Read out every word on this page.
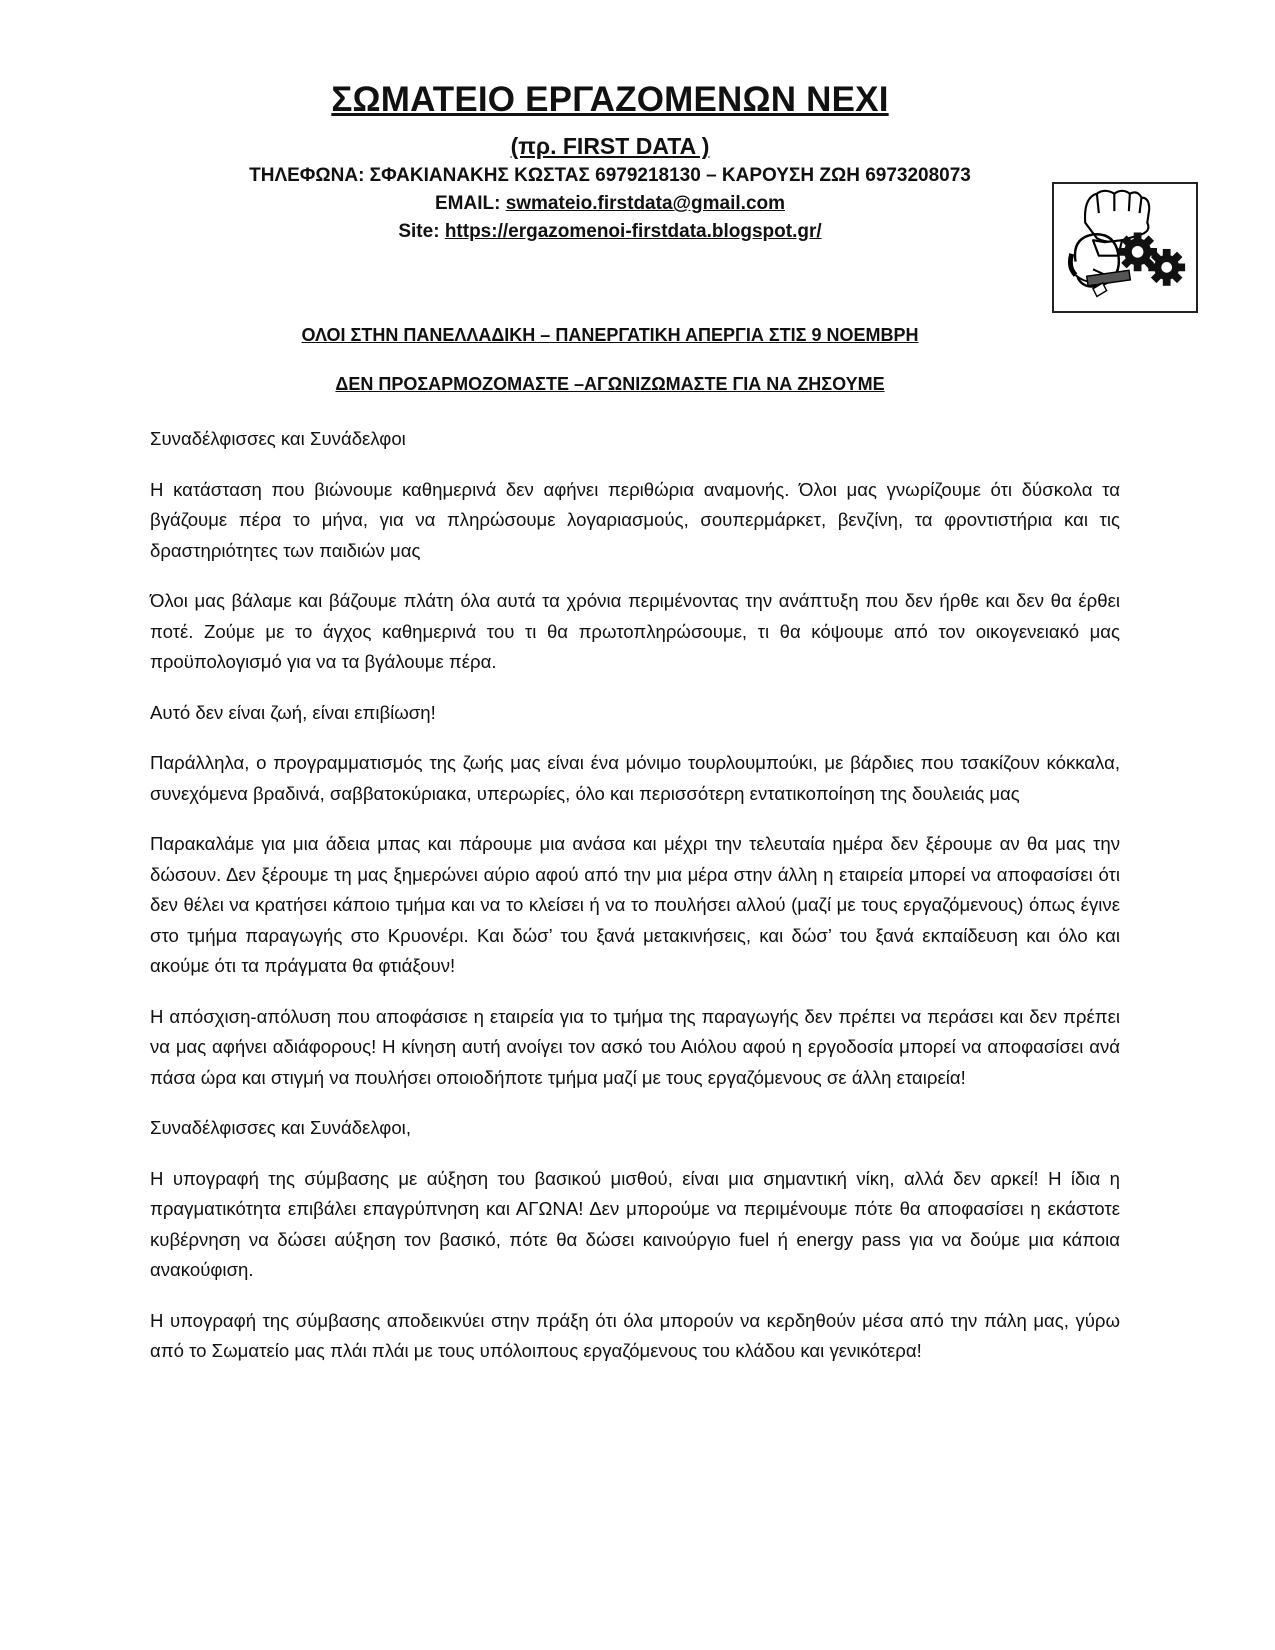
ΣΩΜΑΤΕΙΟ ΕΡΓΑΖΟΜΕΝΩΝ NEXI
(πρ. FIRST DATA )
ΤΗΛΕΦΩΝΑ: ΣΦΑΚΙΑΝΑΚΗΣ ΚΩΣΤΑΣ 6979218130 – ΚΑΡΟΥΣΗ ΖΩΗ 6973208073
EMAIL: swmateio.firstdata@gmail.com
Site: https://ergazomenoi-firstdata.blogspot.gr/
ΟΛΟΙ ΣΤΗΝ ΠΑΝΕΛΛΑΔΙΚΗ – ΠΑΝΕΡΓΑΤΙΚΗ ΑΠΕΡΓΙΑ ΣΤΙΣ 9 ΝΟΕΜΒΡΗ
ΔΕΝ ΠΡΟΣΑΡΜΟΖΟΜΑΣΤΕ –ΑΓΩΝΙΖΩΜΑΣΤΕ ΓΙΑ ΝΑ ΖΗΣΟΥΜΕ

Συναδέλφισσες και Συνάδελφοι

Η κατάσταση που βιώνουμε καθημερινά δεν αφήνει περιθώρια αναμονής. Όλοι μας γνωρίζουμε ότι δύσκολα τα βγάζουμε πέρα το μήνα, για να πληρώσουμε λογαριασμούς, σουπερμάρκετ, βενζίνη, τα φροντιστήρια και τις δραστηριότητες των παιδιών μας

Όλοι μας βάλαμε και βάζουμε πλάτη όλα αυτά τα χρόνια περιμένοντας την ανάπτυξη που δεν ήρθε και δεν θα έρθει ποτέ. Ζούμε με το άγχος καθημερινά του τι θα πρωτοπληρώσουμε, τι θα κόψουμε από τον οικογενειακό μας προϋπολογισμό για να τα βγάλουμε πέρα.

Αυτό δεν είναι ζωή, είναι επιβίωση!

Παράλληλα, ο προγραμματισμός της ζωής μας είναι ένα μόνιμο τουρλουμπούκι, με βάρδιες που τσακίζουν κόκκαλα, συνεχόμενα βραδινά, σαββατοκύριακα, υπερωρίες, όλο και περισσότερη εντατικοποίηση της δουλειάς μας

Παρακαλάμε για μια άδεια μπας και πάρουμε μια ανάσα και μέχρι την τελευταία ημέρα δεν ξέρουμε αν θα μας την δώσουν. Δεν ξέρουμε τη μας ξημερώνει αύριο αφού από την μια μέρα στην άλλη η εταιρεία μπορεί να αποφασίσει ότι δεν θέλει να κρατήσει κάποιο τμήμα και να το κλείσει ή να το πουλήσει αλλού (μαζί με τους εργαζόμενους) όπως έγινε στο τμήμα παραγωγής στο Κρυονέρι. Και δώσ’ του ξανά μετακινήσεις, και δώσ’ του ξανά εκπαίδευση και όλο και ακούμε ότι τα πράγματα θα φτιάξουν!

Η απόσχιση-απόλυση που αποφάσισε η εταιρεία για το τμήμα της παραγωγής δεν πρέπει να περάσει και δεν πρέπει να μας αφήνει αδιάφορους! Η κίνηση αυτή ανοίγει τον ασκό του Αιόλου αφού η εργοδοσία μπορεί να αποφασίσει ανά πάσα ώρα και στιγμή να πουλήσει οποιοδήποτε τμήμα μαζί με τους εργαζόμενους σε άλλη εταιρεία!

Συναδέλφισσες και Συνάδελφοι,

Η υπογραφή της σύμβασης με αύξηση του βασικού μισθού, είναι μια σημαντική νίκη, αλλά δεν αρκεί! Η ίδια η πραγματικότητα επιβάλει επαγρύπνηση και ΑΓΩΝΑ! Δεν μπορούμε να περιμένουμε πότε θα αποφασίσει η εκάστοτε κυβέρνηση να δώσει αύξηση τον βασικό, πότε θα δώσει καινούργιο fuel ή energy pass για να δούμε μια κάποια ανακούφιση.

Η υπογραφή της σύμβασης αποδεικνύει στην πράξη ότι όλα μπορούν να κερδηθούν μέσα από την πάλη μας, γύρω από το Σωματείο μας πλάι πλάι με τους υπόλοιπους εργαζόμενους του κλάδου και γενικότερα!
